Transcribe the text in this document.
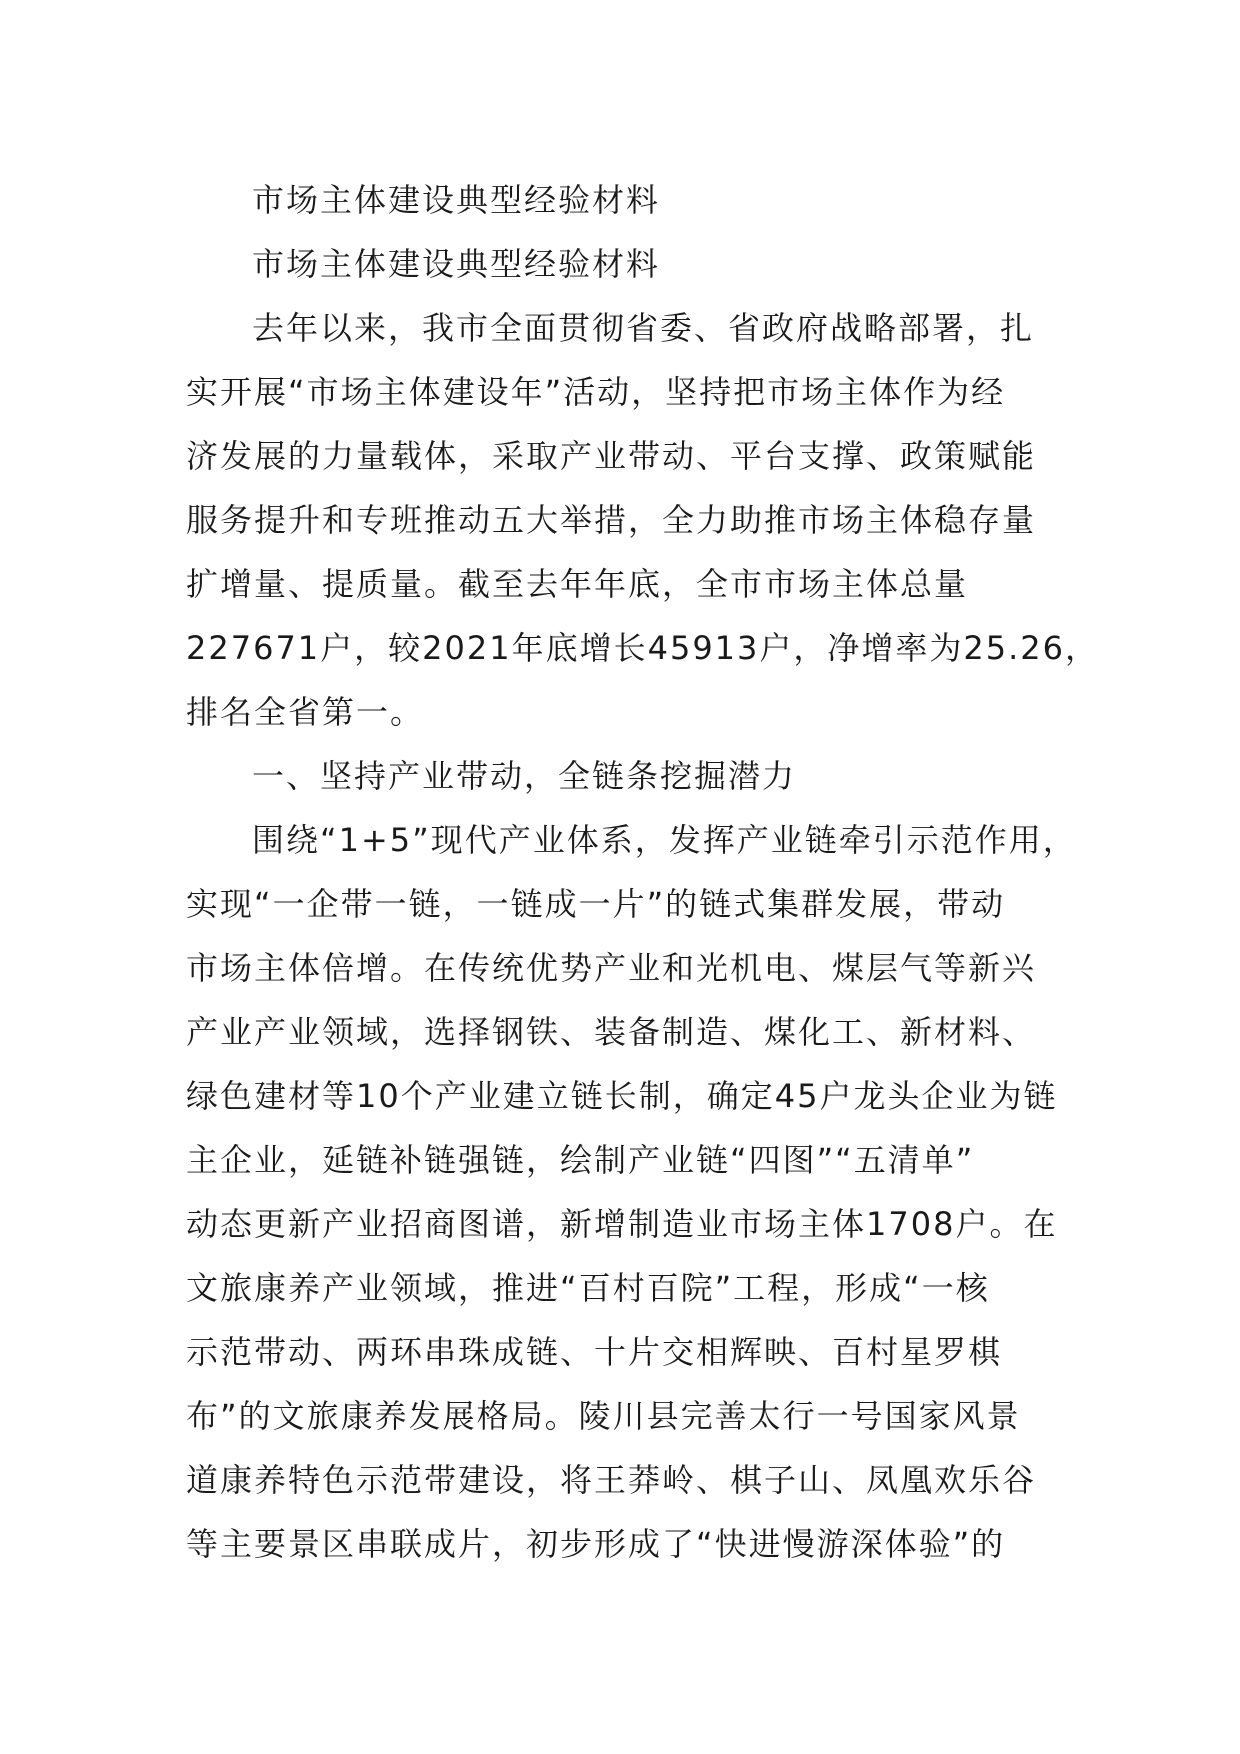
市场主体建设典型经验材料
市场主体建设典型经验材料
去年以来，我市全面贯彻省委、省政府战略部署，扎
实开展“市场主体建设年”活动，坚持把市场主体作为经
济发展的力量载体，采取产业带动、平台支撑、政策赋能
服务提升和专班推动五大举措，全力助推市场主体稳存量
扩增量、提质量。截至去年年底，全市市场主体总量
227671户，较2021年底增长45913户，净增率为25.26，
排名全省第一。
一、坚持产业带动，全链条挖掘潜力
围绕“1+5”现代产业体系，发挥产业链牵引示范作用，
实现“一企带一链，一链成一片”的链式集群发展，带动
市场主体倍增。在传统优势产业和光机电、煤层气等新兴
产业产业领域，选择钢铁、装备制造、煤化工、新材料、
绿色建材等10个产业建立链长制，确定45户龙头企业为链
主企业，延链补链强链，绘制产业链“四图”“五清单”
动态更新产业招商图谱，新增制造业市场主体1708户。在
文旅康养产业领域，推进“百村百院”工程，形成“一核
示范带动、两环串珠成链、十片交相辉映、百村星罗棋
布”的文旅康养发展格局。陵川县完善太行一号国家风景
道康养特色示范带建设，将王莽岭、棋子山、凤凰欢乐谷
等主要景区串联成片，初步形成了“快进慢游深体验”的
